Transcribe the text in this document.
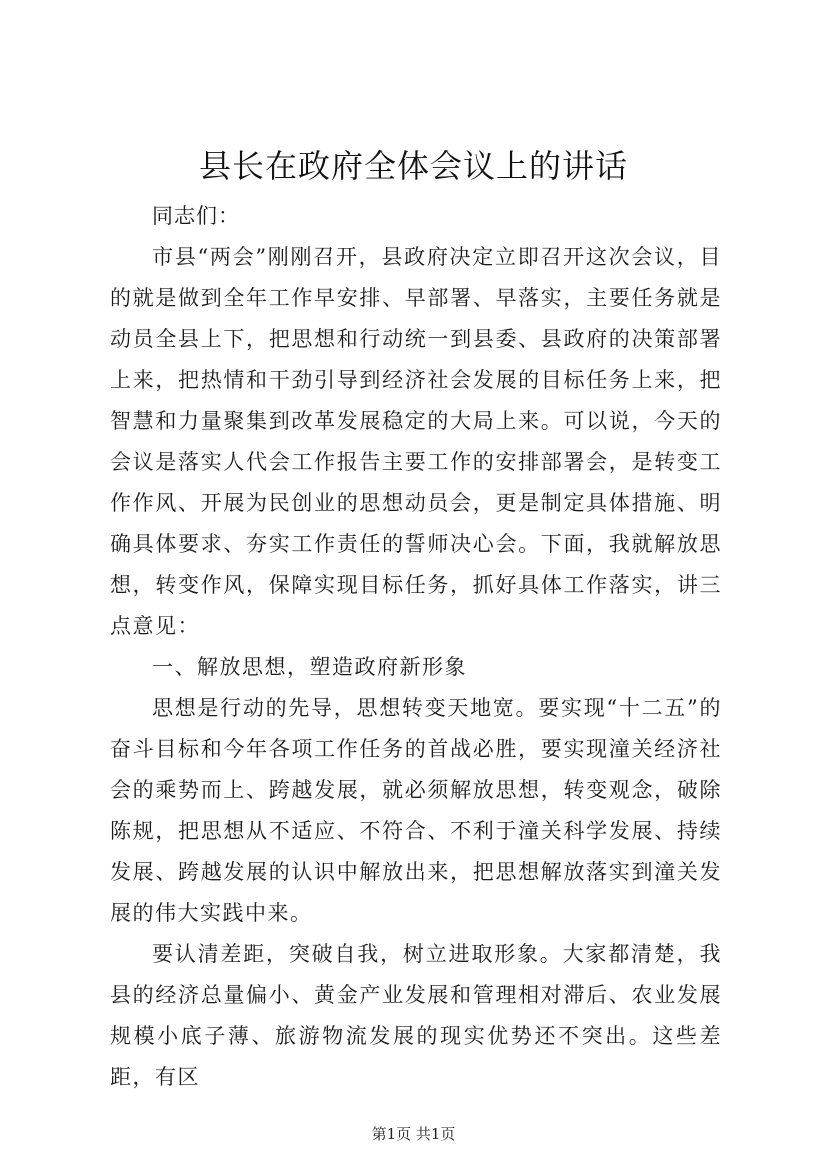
县长在政府全体会议上的讲话

同志们：

市县“两会”刚刚召开，县政府决定立即召开这次会议，目的就是做到全年工作早安排、早部署、早落实，主要任务就是动员全县上下，把思想和行动统一到县委、县政府的决策部署上来，把热情和干劲引导到经济社会发展的目标任务上来，把智慧和力量聚集到改革发展稳定的大局上来。可以说，今天的会议是落实人代会工作报告主要工作的安排部署会，是转变工作作风、开展为民创业的思想动员会，更是制定具体措施、明确具体要求、夯实工作责任的誓师决心会。下面，我就解放思想，转变作风，保障实现目标任务，抓好具体工作落实，讲三点意见：

一、解放思想，塑造政府新形象

思想是行动的先导，思想转变天地宽。要实现“十二五”的奋斗目标和今年各项工作任务的首战必胜，要实现潼关经济社会的乘势而上、跨越发展，就必须解放思想，转变观念，破除陈规，把思想从不适应、不符合、不利于潼关科学发展、持续发展、跨越发展的认识中解放出来，把思想解放落实到潼关发展的伟大实践中来。

要认清差距，突破自我，树立进取形象。大家都清楚，我县的经济总量偏小、黄金产业发展和管理相对滞后、农业发展规模小底子薄、旅游物流发展的现实优势还不突出。这些差距，有区

第1页 共1页
